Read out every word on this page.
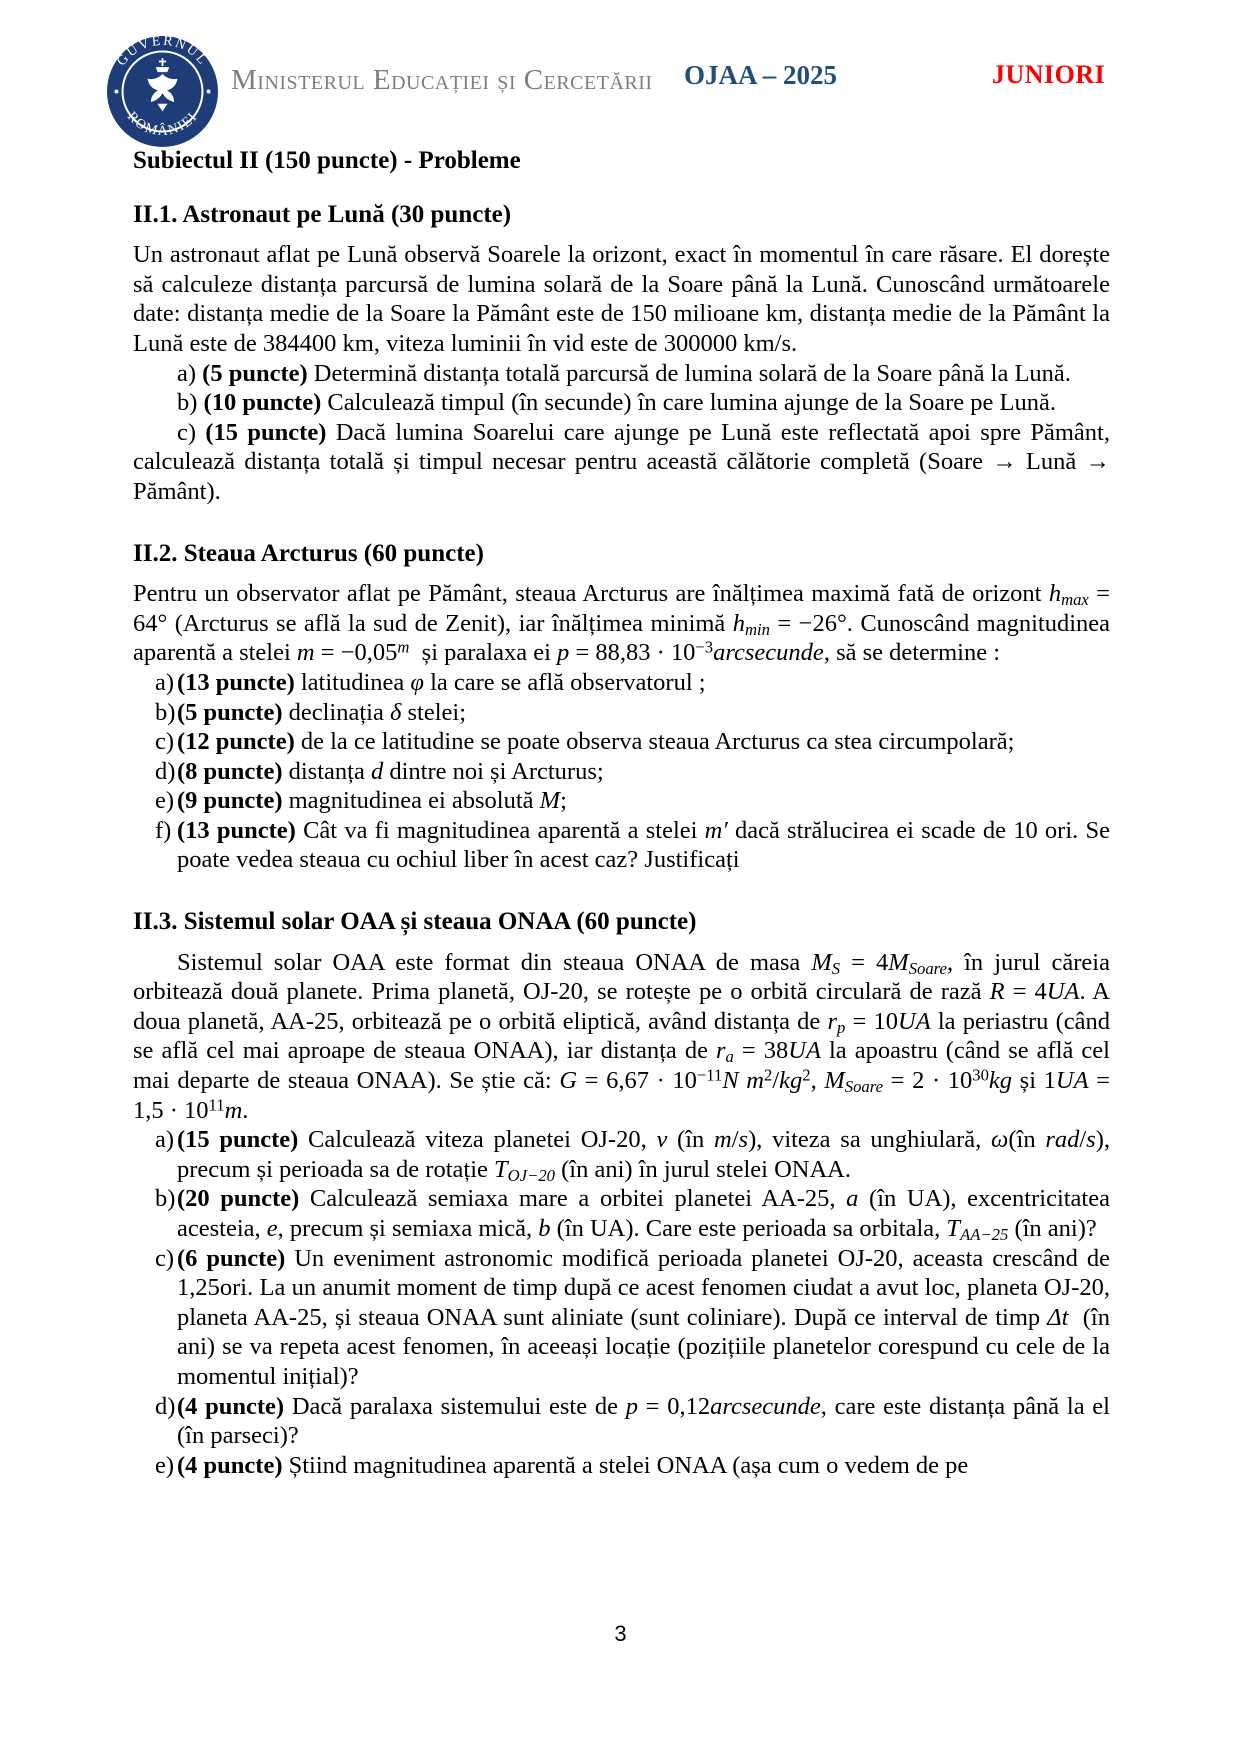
GUVERNUL
ROMÂNIEI
Ministerul Educației și Cercetării OJAA – 2025	JUNIORI
Subiectul II (150 puncte) - Probleme
II.1. Astronaut pe Lună (30 puncte)

Un astronaut aflat pe Lună observă Soarele la orizont, exact în momentul în care răsare. El dorește să calculeze distanța parcursă de lumina solară de la Soare până la Lună. Cunoscând următoarele date: distanța medie de la Soare la Pământ este de 150 milioane km, distanța medie de la Pământ la Lună este de 384400 km, viteza luminii în vid este de 300000 km/s.

a) (5 puncte) Determină distanța totală parcursă de lumina solară de la Soare până la Lună.

b) (10 puncte) Calculează timpul (în secunde) în care lumina ajunge de la Soare pe Lună.

c) (15 puncte) Dacă lumina Soarelui care ajunge pe Lună este reflectată apoi spre Pământ, calculează distanța totală și timpul necesar pentru această călătorie completă (Soare → Lună → Pământ).

II.2. Steaua Arcturus (60 puncte)

Pentru un observator aflat pe Pământ, steaua Arcturus are înălțimea maximă fată de orizont $h_{max} = 64^\circ$ (Arcturus se află la sud de Zenit), iar înălțimea minimă $h_{min} = -26^\circ$. Cunoscând magnitudinea aparentă a stelei $m = -0,05^m$  și paralaxa ei $p = 88,83 \cdot 10^{-3}arcsecunde$, să se determine :

a) (13 puncte) latitudinea φ la care se află observatorul ;
b) (5 puncte) declinația δ stelei;
c) (12 puncte) de la ce latitudine se poate observa steaua Arcturus ca stea circumpolară;
d) (8 puncte) distanța d dintre noi și Arcturus;
e) (9 puncte) magnitudinea ei absolută M;
f) (13 puncte) Cât va fi magnitudinea aparentă a stelei m′ dacă strălucirea ei scade de 10 ori. Se poate vedea steaua cu ochiul liber în acest caz? Justificați
II.3. Sistemul solar OAA și steaua ONAA (60 puncte)

Sistemul solar OAA este format din steaua ONAA de masa $M_S = 4M_{Soare}$, în jurul căreia orbitează două planete. Prima planetă, OJ-20, se rotește pe o orbită circulară de rază R = 4UA. A doua planetă, AA-25, orbitează pe o orbită eliptică, având distanța de $r_p = 10UA$ la periastru (când se află cel mai aproape de steaua ONAA), iar distanța de $r_a = 38UA$ la apoastru (când se află cel mai departe de steaua ONAA). Se știe că: $G = 6,67 \cdot 10^{-11}N$ $m^2/kg^2$, $M_{Soare} = 2 \cdot 10^{30}kg$ și $1UA = 1,5 \cdot 10^{11}m$.

a) (15 puncte) Calculează viteza planetei OJ-20, v (în m/s), viteza sa unghiulară, ω(în rad/s), precum și perioada sa de rotație $T_{OJ-20}$ (în ani) în jurul stelei ONAA.
b) (20 puncte) Calculează semiaxa mare a orbitei planetei AA-25, a (în UA), excentricitatea acesteia, e, precum și semiaxa mică, b (în UA). Care este perioada sa orbitala, $T_{AA-25}$ (în ani)?
c) (6 puncte) Un eveniment astronomic modifică perioada planetei OJ-20, aceasta crescând de 1,25ori. La un anumit moment de timp după ce acest fenomen ciudat a avut loc, planeta OJ-20, planeta AA-25, și steaua ONAA sunt aliniate (sunt coliniare). După ce interval de timp Δt  (în ani) se va repeta acest fenomen, în aceeași locație (pozițiile planetelor corespund cu cele de la momentul inițial)?
d) (4 puncte) Dacă paralaxa sistemului este de p = 0,12arcsecunde, care este distanța până la el (în parseci)?
e) (4 puncte) Știind magnitudinea aparentă a stelei ONAA (așa cum o vedem de pe
3
